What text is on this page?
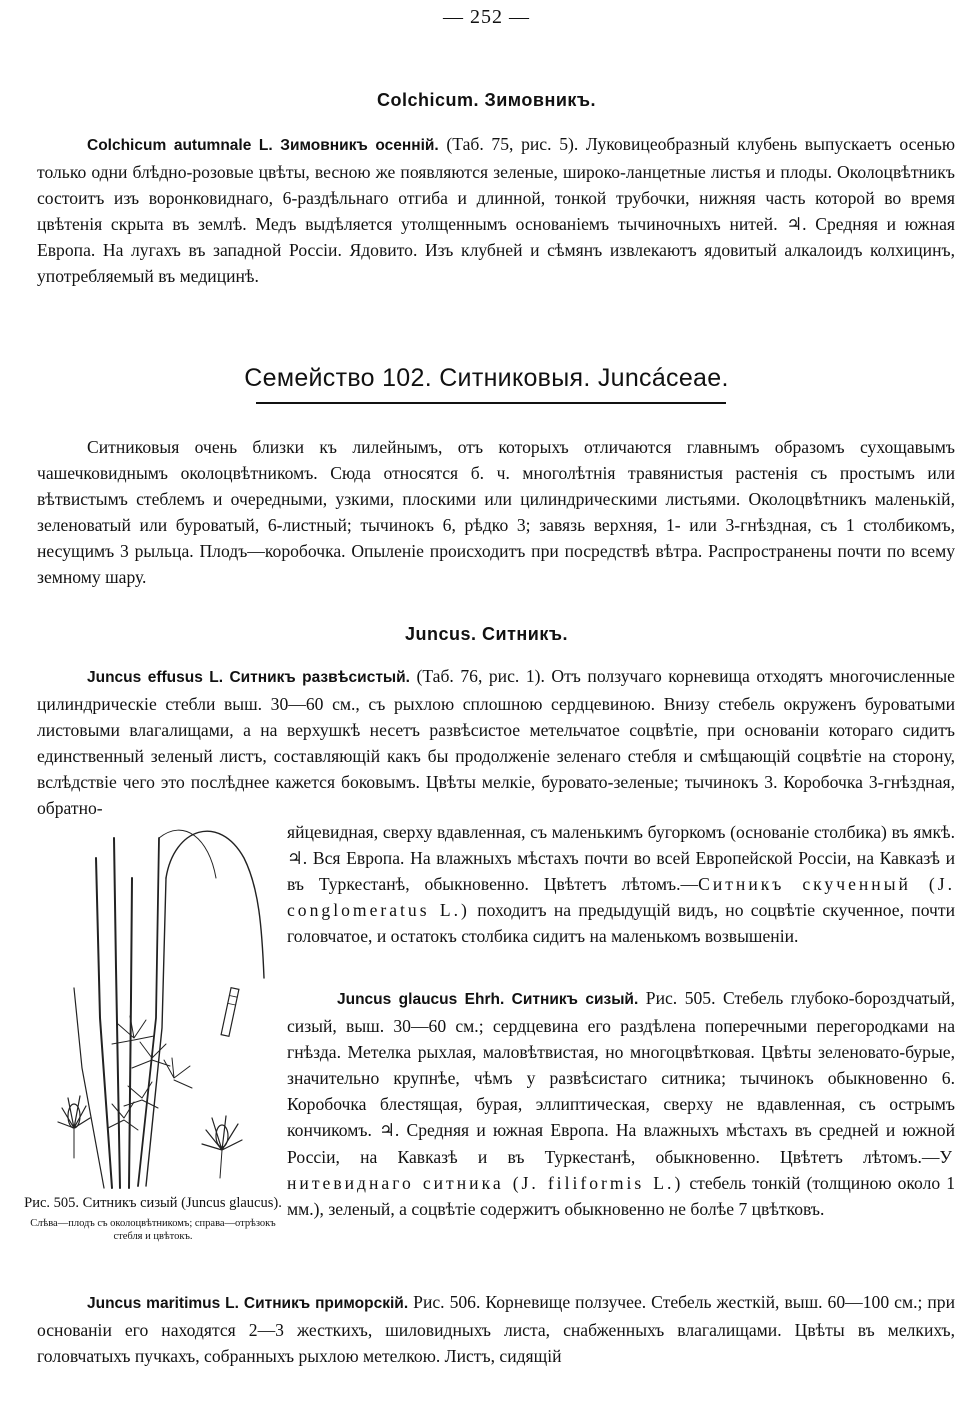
— 252 —
Colchicum. Зимовникъ.

Colchicum autumnale L. Зимовникъ осенній. (Таб. 75, рис. 5). Луковицеобразный клубень выпускаетъ осенью только одни блѣдно-розовые цвѣты, весною же появляются зеленые, широко-ланцетные листья и плоды. Околоцвѣтникъ состоитъ изъ воронковиднаго, 6-раздѣльнаго отгиба и длинной, тонкой трубочки, нижняя часть которой во время цвѣтенія скрыта въ землѣ. Медъ выдѣляется утолщеннымъ основаніемъ тычиночныхъ нитей. ♃. Средняя и южная Европа. На лугахъ въ западной Россіи. Ядовито. Изъ клубней и сѣмянъ извлекаютъ ядовитый алкалоидъ колхицинъ, употребляемый въ медицинѣ.

Семейство 102. Ситниковыя. Juncáceae.

Ситниковыя очень близки къ лилейнымъ, отъ которыхъ отличаются главнымъ образомъ сухощавымъ чашечковиднымъ околоцвѣтникомъ. Сюда относятся б. ч. многолѣтнія травянистыя растенія съ простымъ или вѣтвистымъ стеблемъ и очередными, узкими, плоскими или цилиндрическими листьями. Околоцвѣтникъ маленькій, зеленоватый или буроватый, 6-листный; тычинокъ 6, рѣдко 3; завязь верхняя, 1- или 3-гнѣздная, съ 1 столбикомъ, несущимъ 3 рыльца. Плодъ—коробочка. Опыленіе происходитъ при посредствѣ вѣтра. Распространены почти по всему земному шару.

Juncus. Ситникъ.

Juncus effusus L. Ситникъ развѣсистый. (Таб. 76, рис. 1). Отъ ползучаго корневища отходятъ многочисленные цилиндрическіе стебли выш. 30—60 см., съ рыхлою сплошною сердцевиною. Внизу стебель окруженъ буроватыми листовыми влагалищами, а на верхушкѣ несетъ развѣсистое метельчатое соцвѣтіе, при основаніи котораго сидитъ единственный зеленый листъ, составляющій какъ бы продолженіе зеленаго стебля и смѣщающій соцвѣтіе на сторону, вслѣдствіе чего это послѣднее кажется боковымъ. Цвѣты мелкіе, буровато-зеленые; тычинокъ 3. Коробочка 3-гнѣздная, обратно-

яйцевидная, сверху вдавленная, съ маленькимъ бугоркомъ (основаніе столбика) въ ямкѣ. ♃. Вся Европа. На влажныхъ мѣстахъ почти во всей Европейской Россіи, на Кавказѣ и въ Туркестанѣ, обыкновенно. Цвѣтетъ лѣтомъ.—Ситникъ скученный (J. conglomeratus L.) походитъ на предыдущій видъ, но соцвѣтіе скученное, почти головчатое, и остатокъ столбика сидитъ на маленькомъ возвышеніи.

Juncus glaucus Ehrh. Ситникъ сизый. Рис. 505. Стебель глубоко-бороздчатый, сизый, выш. 30—60 см.; сердцевина его раздѣлена поперечными перегородками на гнѣзда. Метелка рыхлая, маловѣтвистая, но многоцвѣтковая. Цвѣты зеленовато-бурые, значительно крупнѣе, чѣмъ у развѣсистаго ситника; тычинокъ обыкновенно 6. Коробочка блестящая, бурая, эллиптическая, сверху не вдавленная, съ острымъ кончикомъ. ♃. Средняя и южная Европа. На влажныхъ мѣстахъ въ средней и южной Россіи, на Кавказѣ и въ Туркестанѣ, обыкновенно. Цвѣтетъ лѣтомъ.—У нитевиднаго ситника (J. filiformis L.) стебель тонкій (толщиною около 1 мм.), зеленый, а соцвѣтіе содержитъ обыкновенно не болѣе 7 цвѣтковъ.

Рис. 505. Ситникъ сизый (Juncus glaucus).
Слѣва—плодъ съ околоцвѣтникомъ; справа—отрѣзокъ стебля и цвѣтокъ.

Juncus maritimus L. Ситникъ приморскій. Рис. 506. Корневище ползучее. Стебель жесткій, выш. 60—100 см.; при основаніи его находятся 2—3 жесткихъ, шиловидныхъ листа, снабженныхъ влагалищами. Цвѣты въ мелкихъ, головчатыхъ пучкахъ, собранныхъ рыхлою метелкою. Листъ, сидящій
